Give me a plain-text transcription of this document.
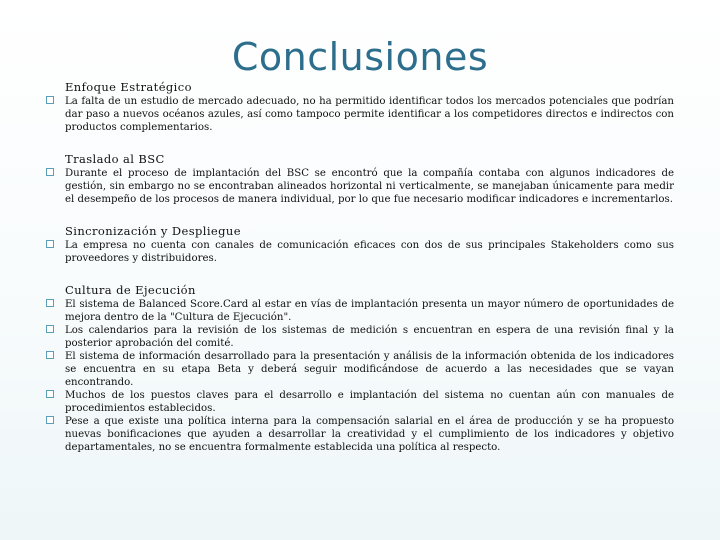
Conclusiones
Enfoque Estratégico
La falta de un estudio de mercado adecuado, no ha permitido identificar todos los mercados potenciales que podrían dar paso a nuevos océanos azules, así como tampoco permite identificar a los competidores directos e indirectos con productos complementarios.
Traslado al BSC
Durante el proceso de implantación del BSC se encontró que la compañía contaba con algunos indicadores de gestión, sin embargo no se encontraban alineados horizontal ni verticalmente, se manejaban únicamente para medir el desempeño de los procesos de manera individual, por lo que fue necesario modificar indicadores e incrementarlos.
Sincronización y Despliegue
La empresa no cuenta con canales de comunicación eficaces con dos de sus principales Stakeholders como sus proveedores y distribuidores.
Cultura de Ejecución
El sistema de Balanced Score.Card al estar en vías de implantación presenta un mayor número de oportunidades de mejora dentro de la "Cultura de Ejecución".
Los calendarios para la revisión de los sistemas de medición s encuentran en espera de una revisión final y la posterior aprobación del comité.
El sistema de información desarrollado para la presentación y análisis de la información obtenida de los indicadores se encuentra en su etapa Beta y deberá seguir modificándose de acuerdo a las necesidades que se vayan encontrando.
Muchos de los puestos claves para el desarrollo e implantación del sistema no cuentan aún con manuales de procedimientos establecidos.
Pese a que existe una política interna para la compensación salarial en el área de producción y se ha propuesto nuevas bonificaciones que ayuden a desarrollar la creatividad y el cumplimiento de los indicadores y objetivo departamentales, no se encuentra formalmente establecida una política al respecto.
